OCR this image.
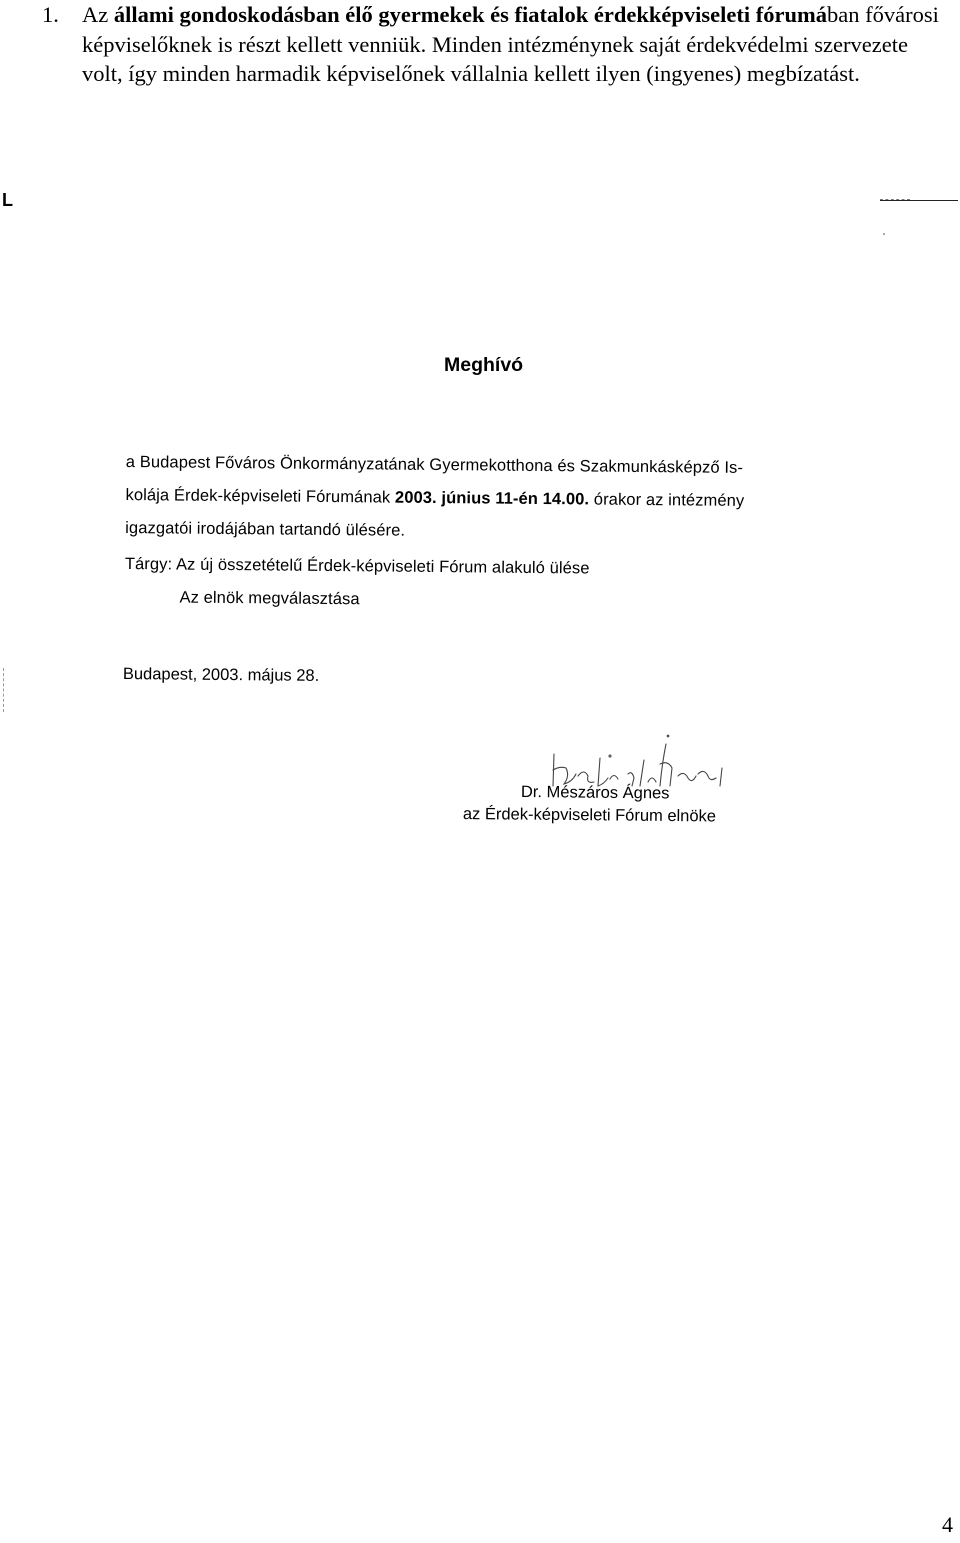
1. Az állami gondoskodásban élő gyermekek és fiatalok érdekképviseleti fórumában fővárosi képviselőknek is részt kellett venniük. Minden intézménynek saját érdekvédelmi szervezete volt, így minden harmadik képviselőnek vállalnia kellett ilyen (ingyenes) megbízatást.
L
Meghívó
a Budapest Főváros Önkormányzatának Gyermekotthona és Szakmunkásképző Is-
kolája Érdek-képviseleti Fórumának 2003. június 11-én 14.00. órakor az intézmény
igazgatói irodájában tartandó ülésére.
Tárgy: Az új összetételű Érdek-képviseleti Fórum alakuló ülése
Az elnök megválasztása
Budapest, 2003. május 28.
Dr. Mészáros Ágnes
az Érdek-képviseleti Fórum elnöke
4
